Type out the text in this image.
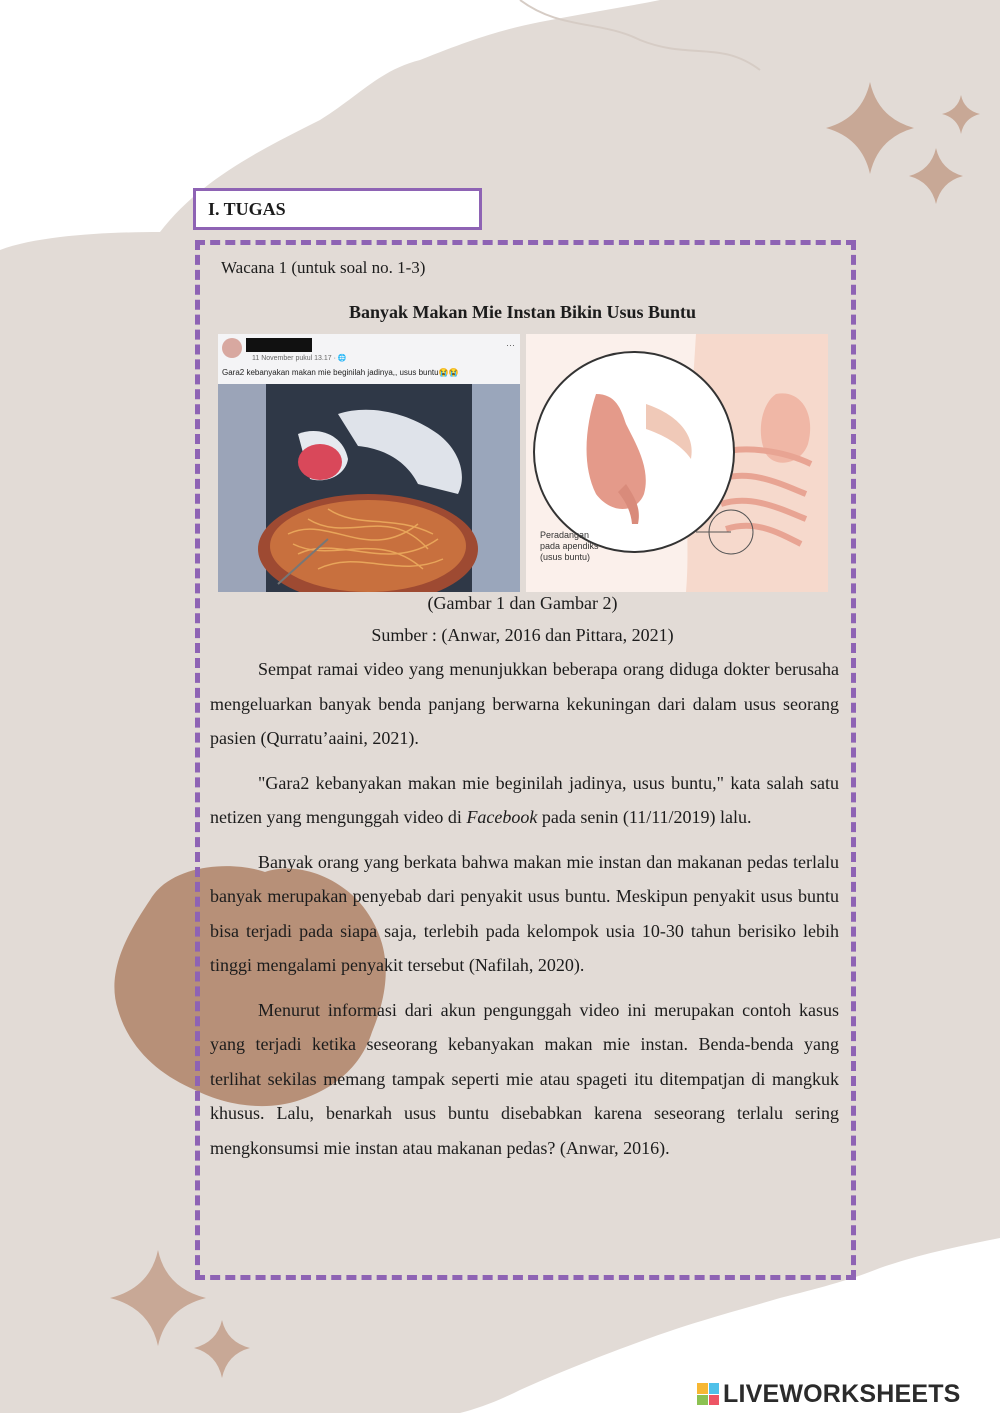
I. TUGAS
Wacana 1 (untuk soal no. 1-3)
Banyak Makan Mie Instan Bikin Usus Buntu
11 November pukul 13.17 · 🌐
Gara2 kebanyakan makan mie beginilah jadinya,, usus buntu😭😭
···
Peradangan pada apendiks (usus buntu)
(Gambar 1 dan Gambar 2)
Sumber : (Anwar, 2016 dan Pittara, 2021)

Sempat ramai video yang menunjukkan beberapa orang diduga dokter berusaha mengeluarkan banyak benda panjang berwarna kekuningan dari dalam usus seorang pasien (Qurratu’aaini, 2021).

"Gara2 kebanyakan makan mie beginilah jadinya, usus buntu," kata salah satu netizen yang mengunggah video di Facebook pada senin (11/11/2019) lalu.

Banyak orang yang berkata bahwa makan mie instan dan makanan pedas terlalu banyak merupakan penyebab dari penyakit usus buntu. Meskipun penyakit usus buntu bisa terjadi pada siapa saja, terlebih pada kelompok usia 10-30 tahun berisiko lebih tinggi mengalami penyakit tersebut (Nafilah, 2020).

Menurut informasi dari akun pengunggah video ini merupakan contoh kasus yang terjadi ketika seseorang kebanyakan makan mie instan. Benda-benda yang terlihat sekilas memang tampak seperti mie atau spageti itu ditempatjan di mangkuk khusus. Lalu, benarkah usus buntu disebabkan karena seseorang terlalu sering mengkonsumsi mie instan atau makanan pedas? (Anwar, 2016).

LIVEWORKSHEETS
